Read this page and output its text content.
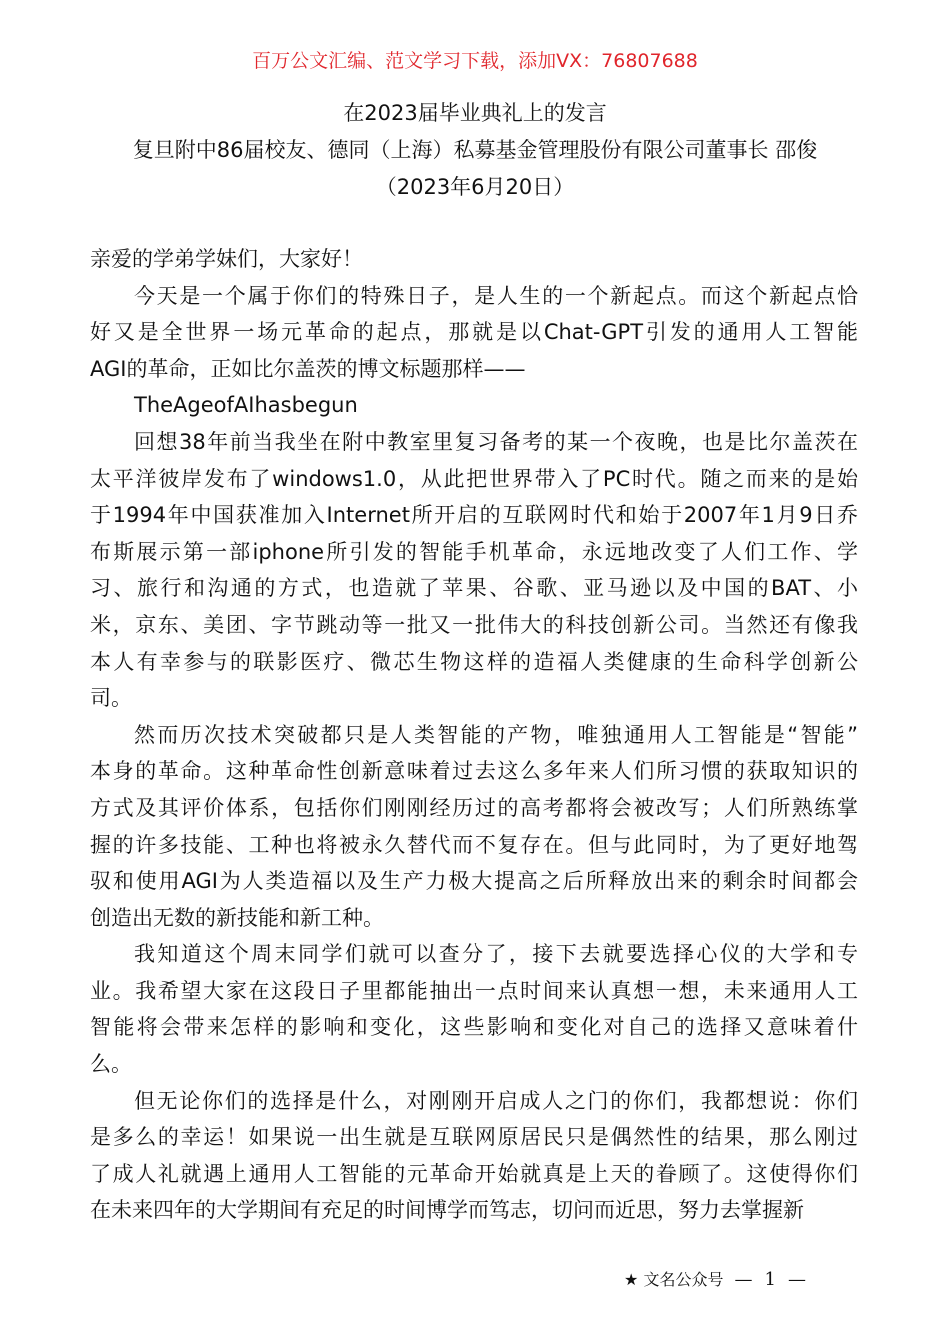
百万公文汇编、范文学习下载，添加VX：76807688
在2023届毕业典礼上的发言
复旦附中86届校友、德同（上海）私募基金管理股份有限公司董事长 邵俊
（2023年6月20日）
亲爱的学弟学妹们，大家好！
今天是一个属于你们的特殊日子，是人生的一个新起点。而这个新起点恰
好又是全世界一场元革命的起点，那就是以Chat-GPT引发的通用人工智能
AGI的革命，正如比尔盖茨的博文标题那样——
TheAgeofAIhasbegun
回想38年前当我坐在附中教室里复习备考的某一个夜晚，也是比尔盖茨在
太平洋彼岸发布了windows1.0，从此把世界带入了PC时代。随之而来的是始
于1994年中国获准加入Internet所开启的互联网时代和始于2007年1月9日乔
布斯展示第一部iphone所引发的智能手机革命，永远地改变了人们工作、学
习、旅行和沟通的方式，也造就了苹果、谷歌、亚马逊以及中国的BAT、小
米，京东、美团、字节跳动等一批又一批伟大的科技创新公司。当然还有像我
本人有幸参与的联影医疗、微芯生物这样的造福人类健康的生命科学创新公
司。
然而历次技术突破都只是人类智能的产物，唯独通用人工智能是“智能”
本身的革命。这种革命性创新意味着过去这么多年来人们所习惯的获取知识的
方式及其评价体系，包括你们刚刚经历过的高考都将会被改写；人们所熟练掌
握的许多技能、工种也将被永久替代而不复存在。但与此同时，为了更好地驾
驭和使用AGI为人类造福以及生产力极大提高之后所释放出来的剩余时间都会
创造出无数的新技能和新工种。
我知道这个周末同学们就可以查分了，接下去就要选择心仪的大学和专
业。我希望大家在这段日子里都能抽出一点时间来认真想一想，未来通用人工
智能将会带来怎样的影响和变化，这些影响和变化对自己的选择又意味着什
么。
但无论你们的选择是什么，对刚刚开启成人之门的你们，我都想说：你们
是多么的幸运！如果说一出生就是互联网原居民只是偶然性的结果，那么刚过
了成人礼就遇上通用人工智能的元革命开始就真是上天的眷顾了。这使得你们
在未来四年的大学期间有充足的时间博学而笃志，切问而近思，努力去掌握新
★ 文名公众号 — 1 —
